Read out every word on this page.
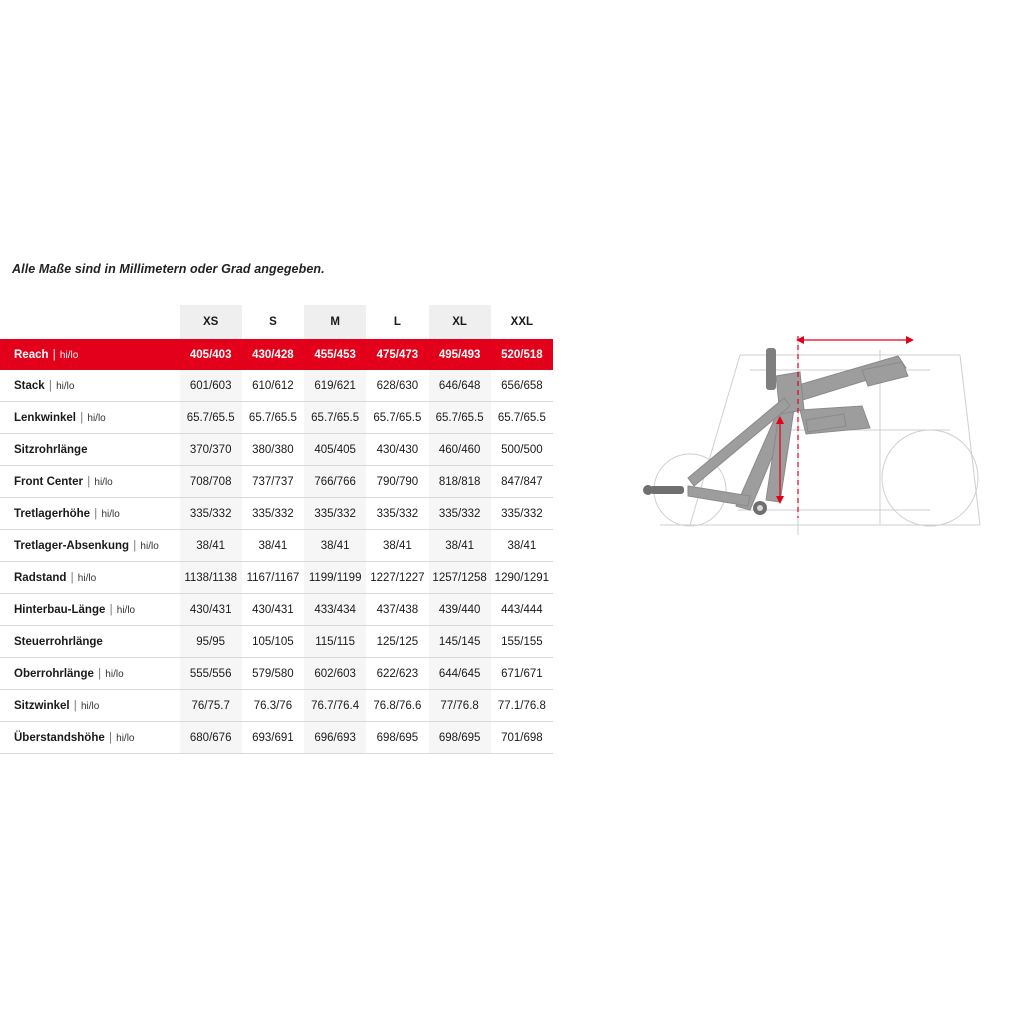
Alle Maße sind in Millimetern oder Grad angegeben.
	XS	S	M	L	XL	XXL
Reach | hi/lo	405/403	430/428	455/453	475/473	495/493	520/518
Stack | hi/lo	601/603	610/612	619/621	628/630	646/648	656/658
Lenkwinkel | hi/lo	65.7/65.5	65.7/65.5	65.7/65.5	65.7/65.5	65.7/65.5	65.7/65.5
Sitzrohrlänge	370/370	380/380	405/405	430/430	460/460	500/500
Front Center | hi/lo	708/708	737/737	766/766	790/790	818/818	847/847
Tretlagerhöhe | hi/lo	335/332	335/332	335/332	335/332	335/332	335/332
Tretlager-Absenkung | hi/lo	38/41	38/41	38/41	38/41	38/41	38/41
Radstand | hi/lo	1138/1138	1167/1167	1199/1199	1227/1227	1257/1258	1290/1291
Hinterbau-Länge | hi/lo	430/431	430/431	433/434	437/438	439/440	443/444
Steuerrohrlänge	95/95	105/105	115/115	125/125	145/145	155/155
Oberrohrlänge | hi/lo	555/556	579/580	602/603	622/623	644/645	671/671
Sitzwinkel | hi/lo	76/75.7	76.3/76	76.7/76.4	76.8/76.6	77/76.8	77.1/76.8
Überstandshöhe | hi/lo	680/676	693/691	696/693	698/695	698/695	701/698
